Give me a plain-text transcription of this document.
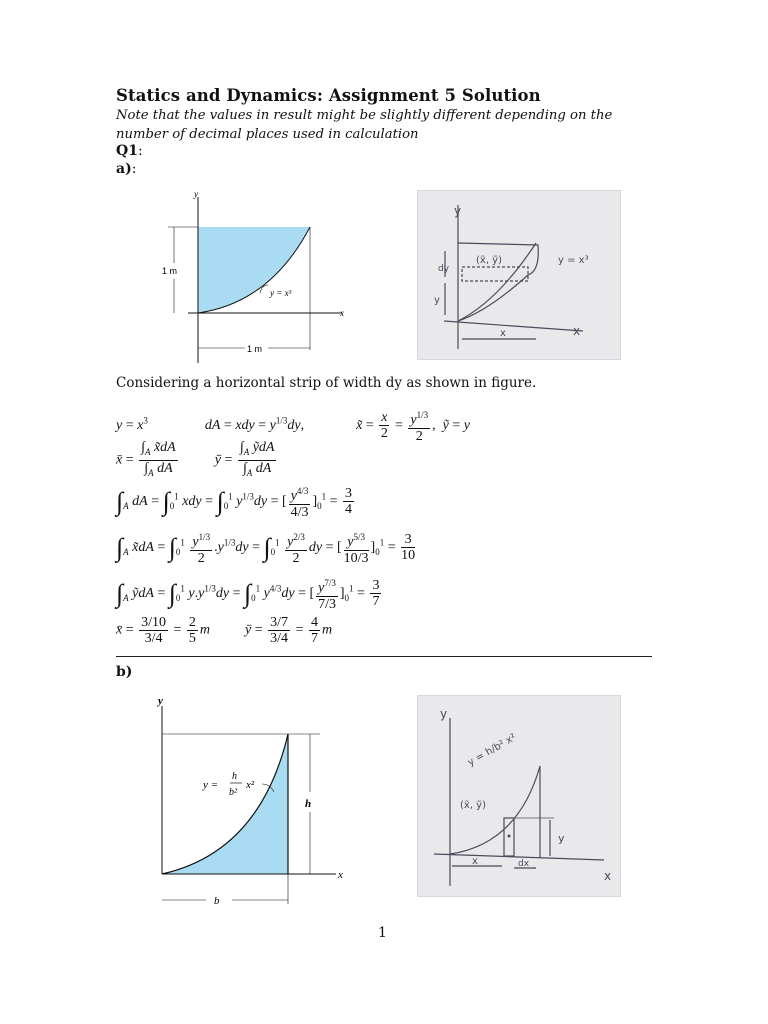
Statics and Dynamics: Assignment 5 Solution
Note that the values in result might be slightly different depending on the number of decimal places used in calculation
Q1:
a):
y
x
1 m
1 m
y = x³
y
x
(x̃, ỹ)	y = x³
dy
y
x
Considering a horizontal strip of width dy as shown in figure.
$y = x^3$	dA = xdy = $y^{1/3}dy$,	x̃ = $\frac{x}{2} = \frac{y^{1/3}}{2}$ ,  ỹ = y
x̄ = $\frac{\int_A x̃dA}{\int_A dA}$	ȳ = $\frac{\int_A ỹdA}{\int_A dA}$
$\int_A$ dA = $\int_0^1$ xdy = $\int_0^1$ $y^{1/3}dy$ = [ $\frac{y^{4/3}}{4/3} ]_0^1 = \frac{3}{4}$
$\int_A$ x̃dA = $\int_0^1 \frac{y^{1/3}}{2} .y^{1/3}dy = \int_0^1 \frac{y^{2/3}}{2}$ dy = [ $\frac{y^{5/3}}{10/3} ]_0^1 = \frac{3}{10}$
$\int_A$ ỹdA = $\int_0^1$ $y.y^{1/3}dy = \int_0^1$ $y^{4/3}dy$ = [ $\frac{y^{7/3}}{7/3} ]_0^1 = \frac{3}{7}$
x̄ = $\frac{3/10}{3/4} = \frac{2}{5}$ m	ȳ = $\frac{3/7}{3/4} = \frac{4}{7}$ m
b)
y
x
y =
h
b²
x²
h
b
y
x
y = h/b² x²
(x̃, ỹ)
y
x	dx
1
